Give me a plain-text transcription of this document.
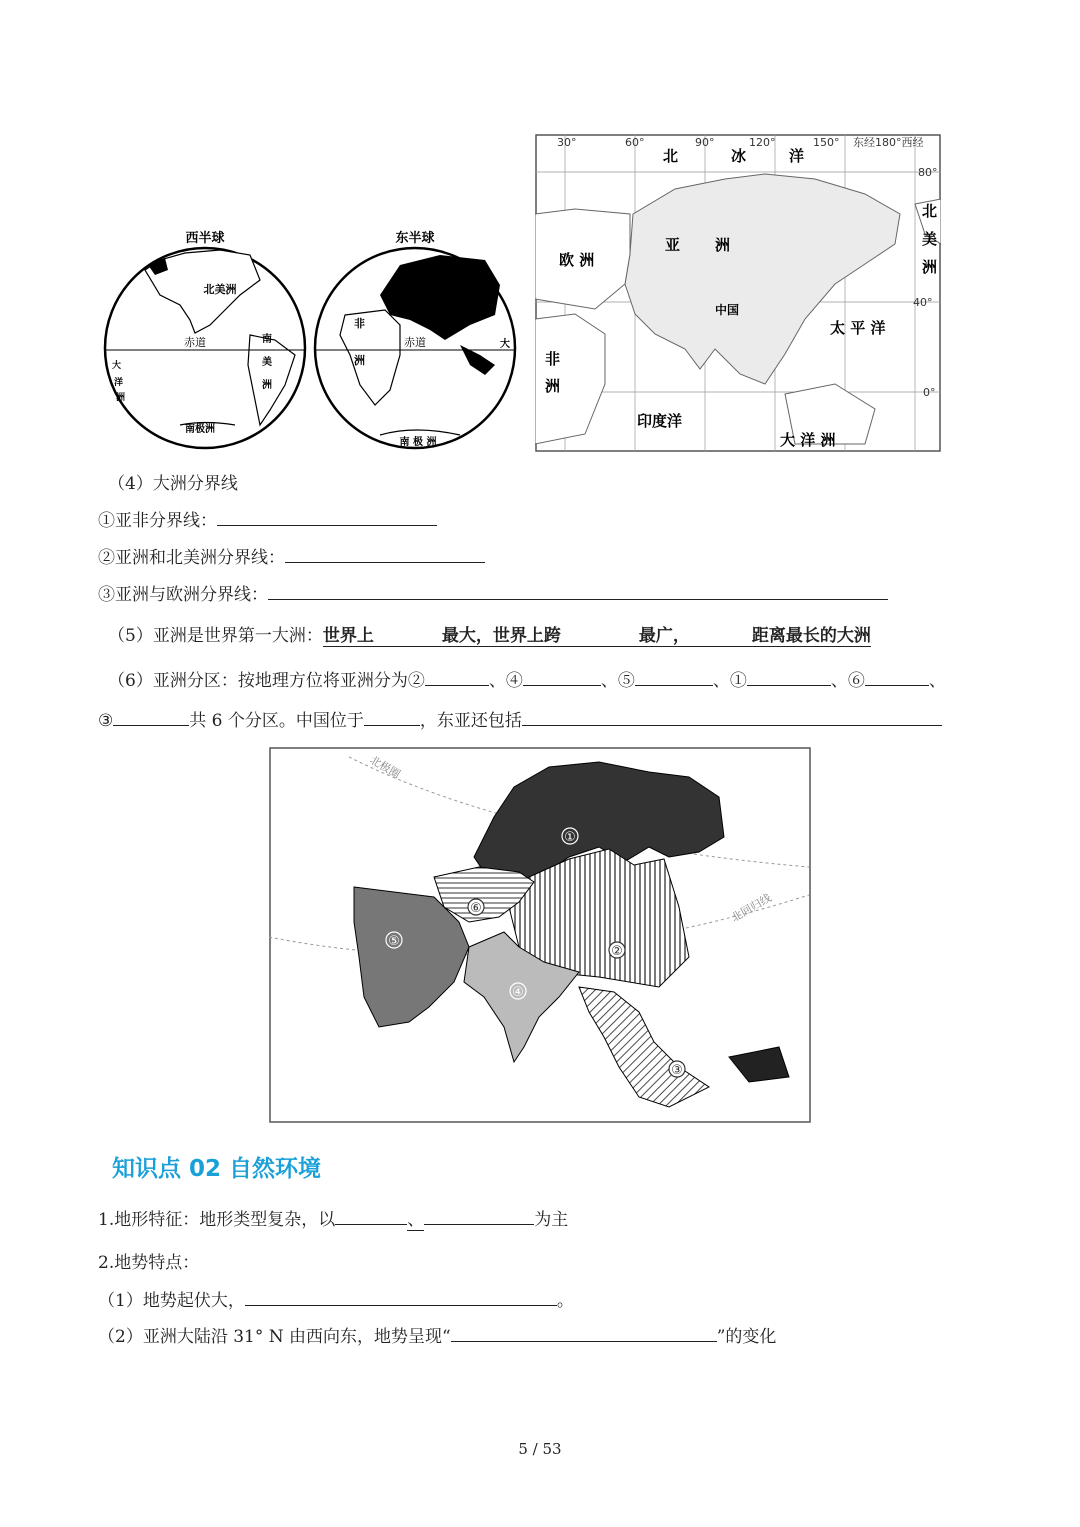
西半球	东半球
北美洲
赤道	南
美
洲
大
洋
洲
南极洲
非
洲
赤道	大
南 极 洲
30°	60°	90°	120°	150° 东经180°西经
80°
40°
0°
北	冰	洋
亚 洲
欧 洲
中国
北
美
洲
太 平 洋
非
洲
印度洋
大 洋 洲
（4）大洲分界线
①亚非分界线：
②亚洲和北美洲分界线：
③亚洲与欧洲分界线：
（5）亚洲是世界第一大洲：世界上	最大，世界上跨	最广，	距离最长的大洲
（6）亚洲分区：按地理方位将亚洲分为②	、④	、⑤	、①	、⑥	、
③	共 6 个分区。中国位于	，东亚还包括
北极圈
北回归线
①
②
③
④
⑤
⑥
知识点 02 自然环境
1.地形特征：地形类型复杂，以	、	为主
2.地势特点：
（1）地势起伏大，	。
（2）亚洲大陆沿 31° N 由西向东，地势呈现“	”的变化
5 / 53
